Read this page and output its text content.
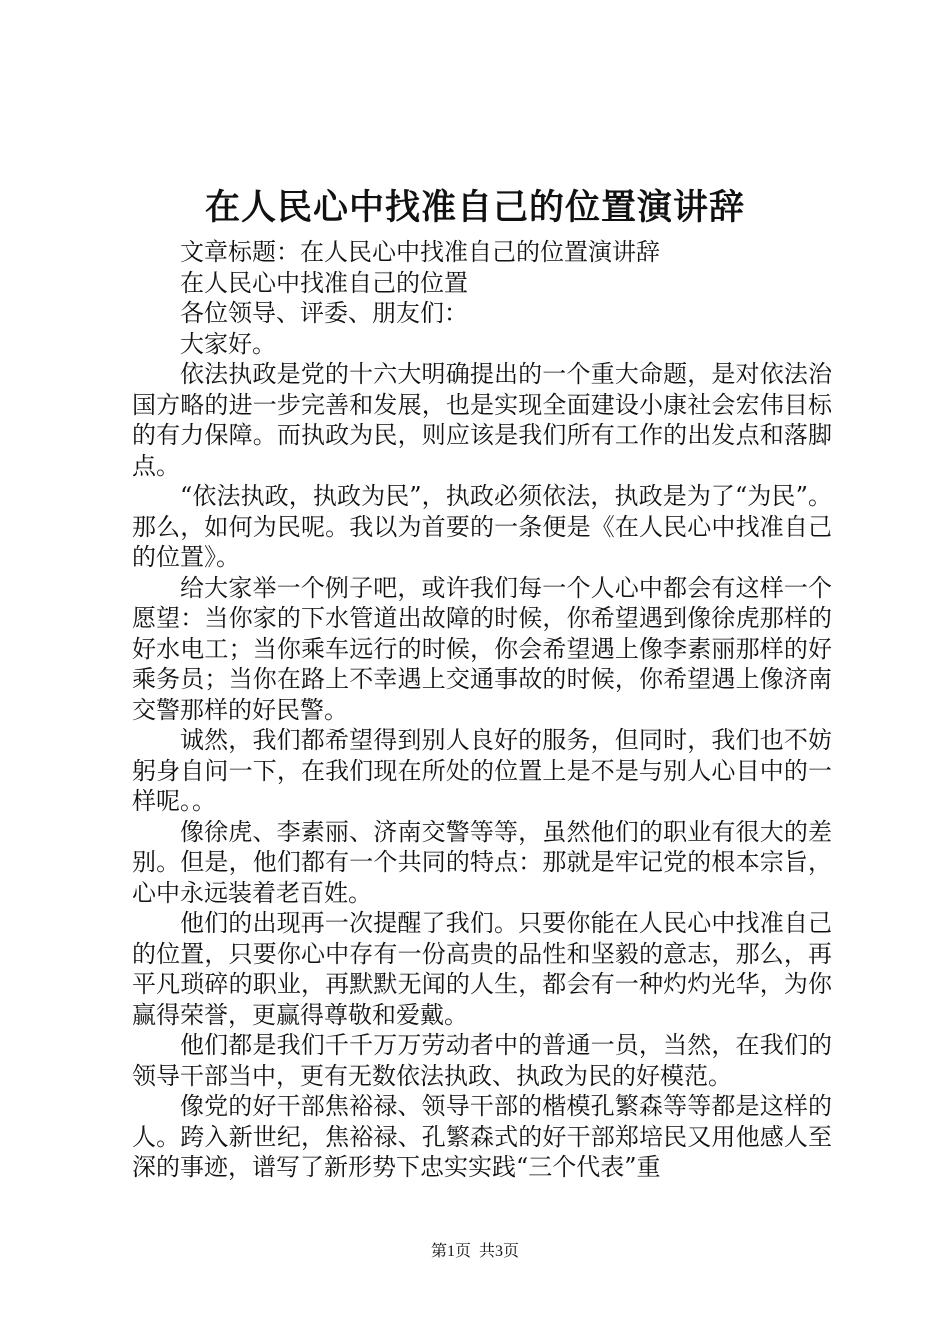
在人民心中找准自己的位置演讲辞

文章标题：在人民心中找准自己的位置演讲辞

在人民心中找准自己的位置

各位领导、评委、朋友们：

大家好。

依法执政是党的十六大明确提出的一个重大命题，是对依法治国方略的进一步完善和发展，也是实现全面建设小康社会宏伟目标的有力保障。而执政为民，则应该是我们所有工作的出发点和落脚点。

“依法执政，执政为民”，执政必须依法，执政是为了“为民”。那么，如何为民呢。我以为首要的一条便是《在人民心中找准自己的位置》。

给大家举一个例子吧，或许我们每一个人心中都会有这样一个愿望：当你家的下水管道出故障的时候，你希望遇到像徐虎那样的好水电工；当你乘车远行的时候，你会希望遇上像李素丽那样的好乘务员；当你在路上不幸遇上交通事故的时候，你希望遇上像济南交警那样的好民警。

诚然，我们都希望得到别人良好的服务，但同时，我们也不妨躬身自问一下，在我们现在所处的位置上是不是与别人心目中的一样呢。。

像徐虎、李素丽、济南交警等等，虽然他们的职业有很大的差别。但是，他们都有一个共同的特点：那就是牢记党的根本宗旨，心中永远装着老百姓。

他们的出现再一次提醒了我们。只要你能在人民心中找准自己的位置，只要你心中存有一份高贵的品性和坚毅的意志，那么，再平凡琐碎的职业，再默默无闻的人生，都会有一种灼灼光华，为你赢得荣誉，更赢得尊敬和爱戴。

他们都是我们千千万万劳动者中的普通一员，当然，在我们的领导干部当中，更有无数依法执政、执政为民的好模范。

像党的好干部焦裕禄、领导干部的楷模孔繁森等等都是这样的人。跨入新世纪，焦裕禄、孔繁森式的好干部郑培民又用他感人至深的事迹，谱写了新形势下忠实实践“三个代表”重

第1页 共3页
